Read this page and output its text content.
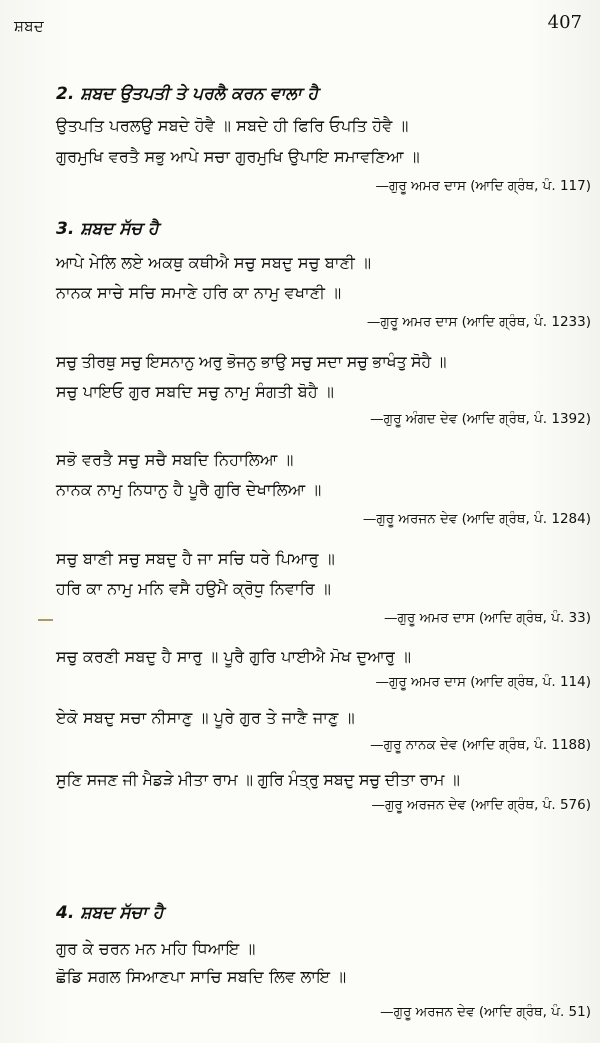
ਸ਼ਬਦ	407
2. ਸ਼ਬਦ ਉਤਪਤੀ ਤੇ ਪਰਲੈ ਕਰਨ ਵਾਲਾ ਹੈ
ਉਤਪਤਿ ਪਰਲਉ ਸਬਦੇ ਹੋਵੈ ॥ ਸਬਦੇ ਹੀ ਫਿਰਿ ਓਪਤਿ ਹੋਵੈ ॥
ਗੁਰਮੁਖਿ ਵਰਤੈ ਸਭੁ ਆਪੇ ਸਚਾ ਗੁਰਮੁਖਿ ਉਪਾਇ ਸਮਾਵਣਿਆ ॥
—ਗੁਰੂ ਅਮਰ ਦਾਸ (ਆਦਿ ਗ੍ਰੰਥ, ਪੰ. 117)
3. ਸ਼ਬਦ ਸੱਚ ਹੈ
ਆਪੇ ਮੇਲਿ ਲਏ ਅਕਥੁ ਕਥੀਐ ਸਚੁ ਸਬਦੁ ਸਚੁ ਬਾਣੀ ॥
ਨਾਨਕ ਸਾਚੇ ਸਚਿ ਸਮਾਣੇ ਹਰਿ ਕਾ ਨਾਮੁ ਵਖਾਣੀ ॥
—ਗੁਰੂ ਅਮਰ ਦਾਸ (ਆਦਿ ਗ੍ਰੰਥ, ਪੰ. 1233)
ਸਚੁ ਤੀਰਥੁ ਸਚੁ ਇਸਨਾਨੁ ਅਰੁ ਭੋਜਨੁ ਭਾਉ ਸਚੁ ਸਦਾ ਸਚੁ ਭਾਖੰਤੁ ਸੋਹੈ ॥
ਸਚੁ ਪਾਇਓ ਗੁਰ ਸਬਦਿ ਸਚੁ ਨਾਮੁ ਸੰਗਤੀ ਬੋਹੈ ॥
—ਗੁਰੂ ਅੰਗਦ ਦੇਵ (ਆਦਿ ਗ੍ਰੰਥ, ਪੰ. 1392)
ਸਭੋ ਵਰਤੈ ਸਚੁ ਸਚੈ ਸਬਦਿ ਨਿਹਾਲਿਆ ॥
ਨਾਨਕ ਨਾਮੁ ਨਿਧਾਨੁ ਹੈ ਪੂਰੈ ਗੁਰਿ ਦੇਖਾਲਿਆ ॥
—ਗੁਰੂ ਅਰਜਨ ਦੇਵ (ਆਦਿ ਗ੍ਰੰਥ, ਪੰ. 1284)
ਸਚੁ ਬਾਣੀ ਸਚੁ ਸਬਦੁ ਹੈ ਜਾ ਸਚਿ ਧਰੇ ਪਿਆਰੁ ॥
ਹਰਿ ਕਾ ਨਾਮੁ ਮਨਿ ਵਸੈ ਹਉਮੈ ਕ੍ਰੋਧੁ ਨਿਵਾਰਿ ॥
—ਗੁਰੂ ਅਮਰ ਦਾਸ (ਆਦਿ ਗ੍ਰੰਥ, ਪੰ. 33)
ਸਚੁ ਕਰਣੀ ਸਬਦੁ ਹੈ ਸਾਰੁ ॥ ਪੂਰੈ ਗੁਰਿ ਪਾਈਐ ਮੋਖ ਦੁਆਰੁ ॥
—ਗੁਰੂ ਅਮਰ ਦਾਸ (ਆਦਿ ਗ੍ਰੰਥ, ਪੰ. 114)
ਏਕੋ ਸਬਦੁ ਸਚਾ ਨੀਸਾਣੁ ॥ ਪੂਰੇ ਗੁਰ ਤੇ ਜਾਣੈ ਜਾਣੁ ॥
—ਗੁਰੂ ਨਾਨਕ ਦੇਵ (ਆਦਿ ਗ੍ਰੰਥ, ਪੰ. 1188)
ਸੁਣਿ ਸਜਣ ਜੀ ਮੈਡੜੇ ਮੀਤਾ ਰਾਮ ॥ ਗੁਰਿ ਮੰਤ੍ਰੁ ਸਬਦੁ ਸਚੁ ਦੀਤਾ ਰਾਮ ॥
—ਗੁਰੂ ਅਰਜਨ ਦੇਵ (ਆਦਿ ਗ੍ਰੰਥ, ਪੰ. 576)
4. ਸ਼ਬਦ ਸੱਚਾ ਹੈ
ਗੁਰ ਕੇ ਚਰਨ ਮਨ ਮਹਿ ਧਿਆਇ ॥
ਛੋਡਿ ਸਗਲ ਸਿਆਣਪਾ ਸਾਚਿ ਸਬਦਿ ਲਿਵ ਲਾਇ ॥
—ਗੁਰੂ ਅਰਜਨ ਦੇਵ (ਆਦਿ ਗ੍ਰੰਥ, ਪੰ. 51)
